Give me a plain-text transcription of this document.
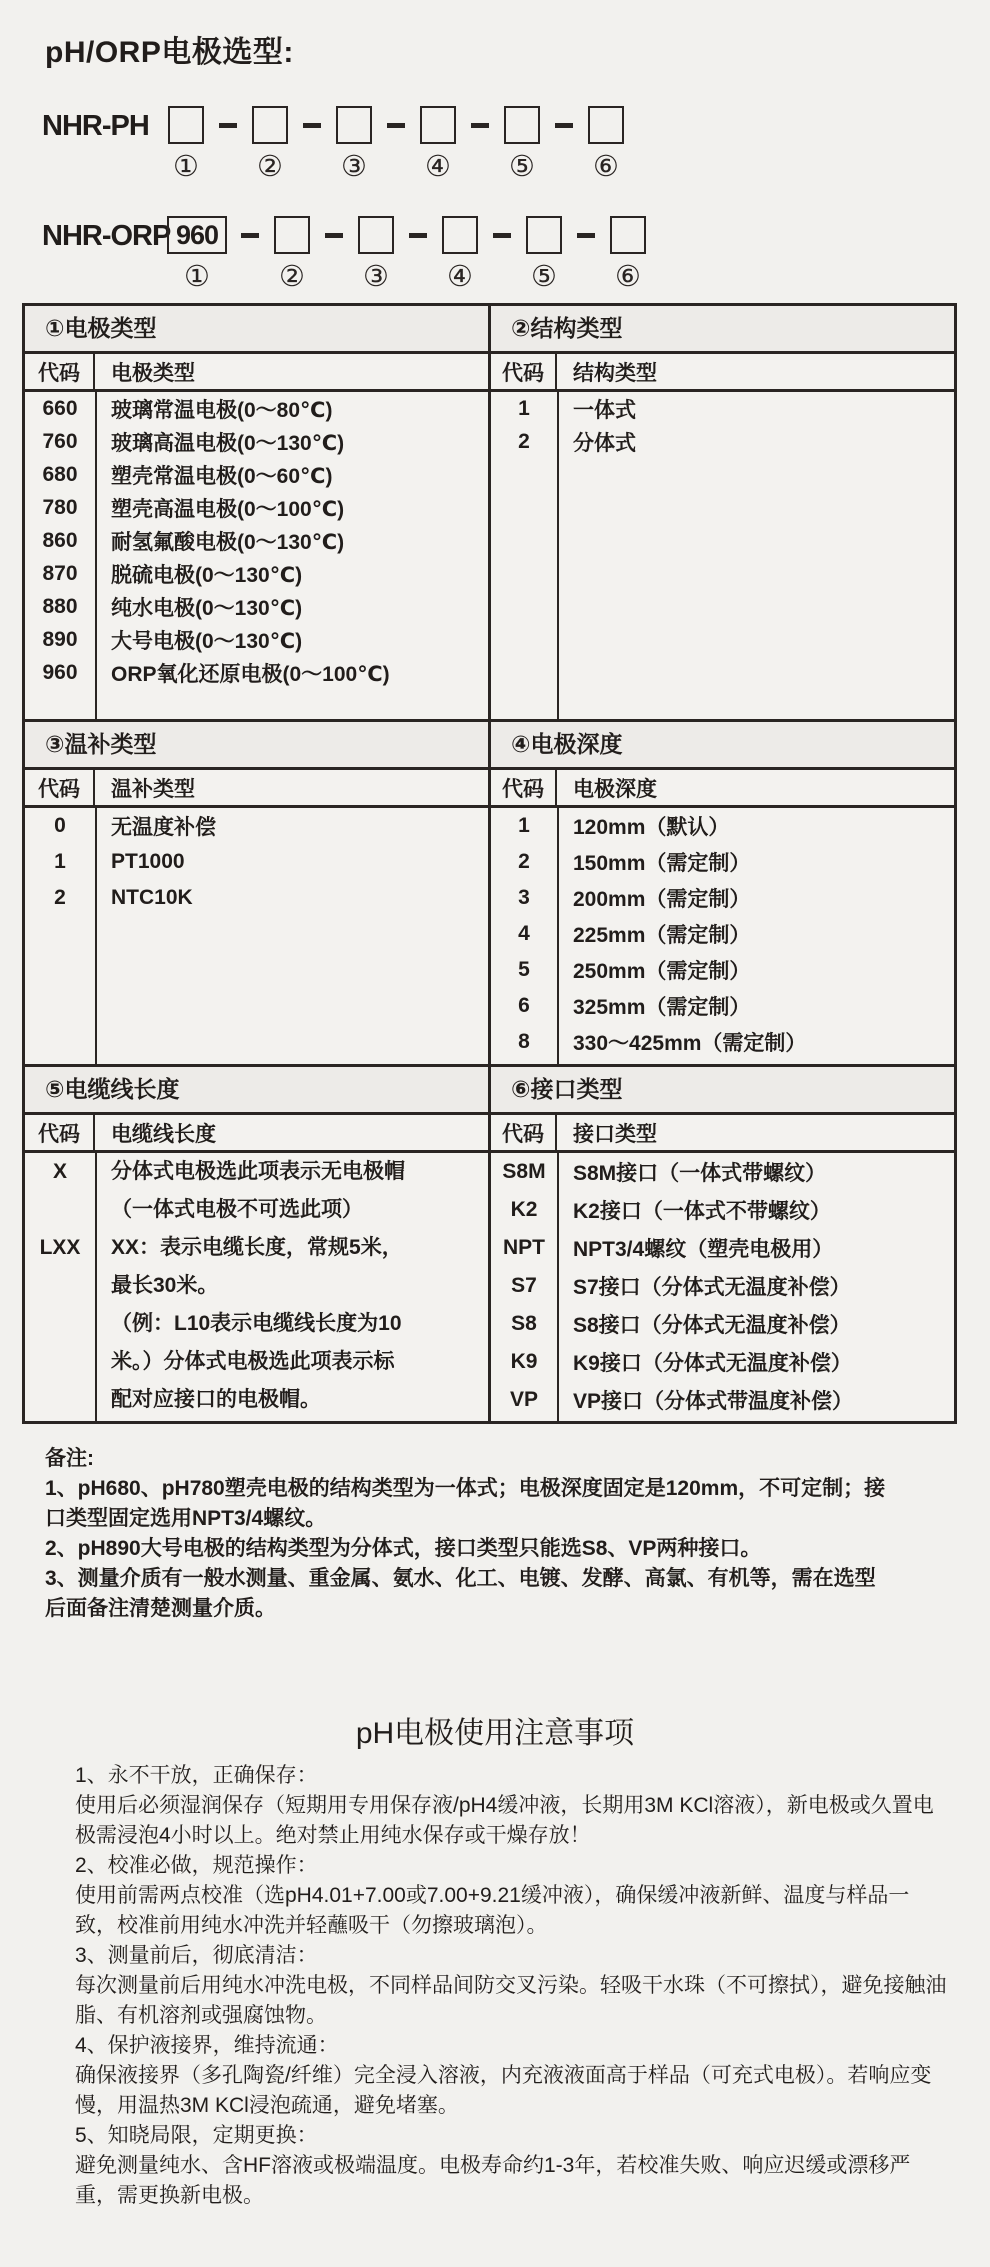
pH/ORP电极选型:
NHR-PH
① ② ③ ④ ⑤ ⑥
NHR-ORP 960
① ② ③ ④ ⑤ ⑥
①电极类型
代码	电极类型
660	玻璃常温电极(0～80℃)
760	玻璃高温电极(0～130℃)
680	塑壳常温电极(0～60℃)
780	塑壳高温电极(0～100℃)
860	耐氢氟酸电极(0～130℃)
870	脱硫电极(0～130℃)
880	纯水电极(0～130℃)
890	大号电极(0～130℃)
960	ORP氧化还原电极(0～100℃)
②结构类型
代码	结构类型
1	一体式
2	分体式
③温补类型
代码	温补类型
0	无温度补偿
1	PT1000
2	NTC10K
④电极深度
代码	电极深度
1	120mm（默认）
2	150mm（需定制）
3	200mm（需定制）
4	225mm（需定制）
5	250mm（需定制）
6	325mm（需定制）
8	330～425mm（需定制）
⑤电缆线长度
代码	电缆线长度
X	分体式电极选此项表示无电极帽
（一体式电极不可选此项）
LXX	XX：表示电缆长度，常规5米，
最长30米。
（例：L10表示电缆线长度为10
米。）分体式电极选此项表示标
配对应接口的电极帽。
⑥接口类型
代码	接口类型
S8M	S8M接口（一体式带螺纹）
K2	K2接口（一体式不带螺纹）
NPT	NPT3/4螺纹（塑壳电极用）
S7	S7接口（分体式无温度补偿）
S8	S8接口（分体式无温度补偿）
K9	K9接口（分体式无温度补偿）
VP	VP接口（分体式带温度补偿）
备注:
1、pH680、pH780塑壳电极的结构类型为一体式；电极深度固定是120mm，不可定制；接口类型固定选用NPT3/4螺纹。
2、pH890大号电极的结构类型为分体式，接口类型只能选S8、VP两种接口。
3、测量介质有一般水测量、重金属、氨水、化工、电镀、发酵、高氯、有机等，需在选型后面备注清楚测量介质。
pH电极使用注意事项
1、永不干放，正确保存：
使用后必须湿润保存（短期用专用保存液/pH4缓冲液，长期用3M KCl溶液），新电极或久置电极需浸泡4小时以上。绝对禁止用纯水保存或干燥存放！
2、校准必做，规范操作：
使用前需两点校准（选pH4.01+7.00或7.00+9.21缓冲液），确保缓冲液新鲜、温度与样品一致，校准前用纯水冲洗并轻蘸吸干（勿擦玻璃泡）。
3、测量前后，彻底清洁：
每次测量前后用纯水冲洗电极，不同样品间防交叉污染。轻吸干水珠（不可擦拭），避免接触油脂、有机溶剂或强腐蚀物。
4、保护液接界，维持流通：
确保液接界（多孔陶瓷/纤维）完全浸入溶液，内充液液面高于样品（可充式电极）。若响应变慢，用温热3M KCl浸泡疏通，避免堵塞。
5、知晓局限，定期更换：
避免测量纯水、含HF溶液或极端温度。电极寿命约1-3年，若校准失败、响应迟缓或漂移严重，需更换新电极。
